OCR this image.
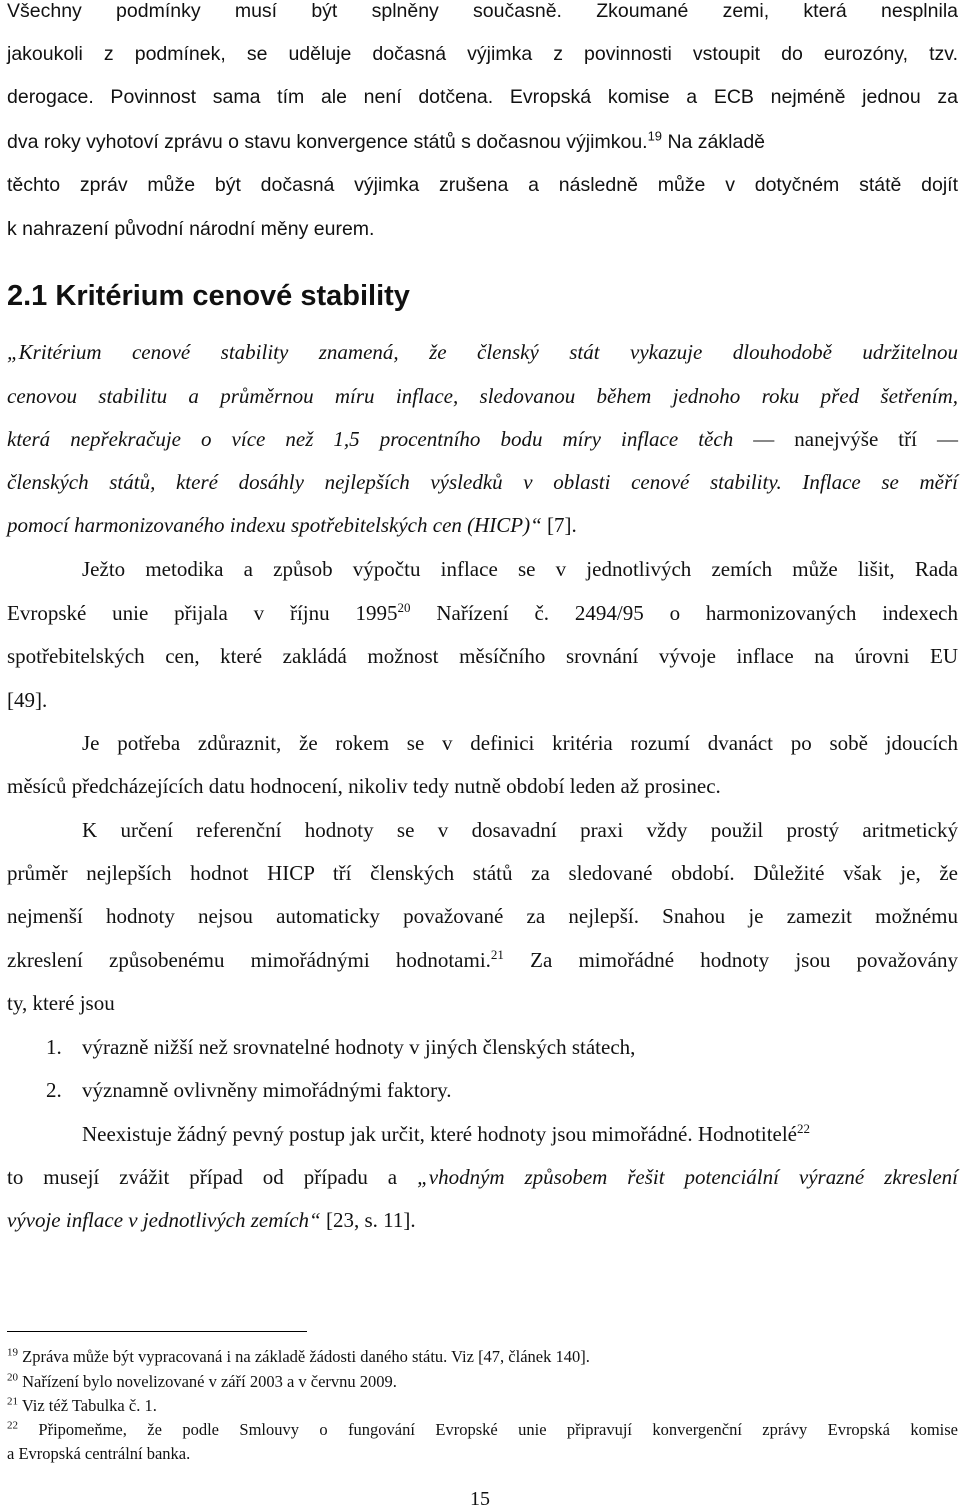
Všechny podmínky musí být splněny současně. Zkoumané zemi, která nesplnila
jakoukoli z podmínek, se uděluje dočasná výjimka z povinnosti vstoupit do eurozóny, tzv.
derogace. Povinnost sama tím ale není dotčena. Evropská komise a ECB nejméně jednou za
dva roky vyhotoví zprávu o stavu konvergence států s dočasnou výjimkou.$^{19}$ Na základě
těchto zpráv může být dočasná výjimka zrušena a následně může v dotyčném státě dojít
k nahrazení původní národní měny eurem.
2.1 Kritérium cenové stability
„Kritérium cenové stability znamená, že členský stát vykazuje dlouhodobě udržitelnou
cenovou stabilitu a průměrnou míru inflace, sledovanou během jednoho roku před šetřením,
která nepřekračuje o více než 1,5 procentního bodu míry inflace těch — nanejvýše tří —
členských států, které dosáhly nejlepších výsledků v oblasti cenové stability. Inflace se měří
pomocí harmonizovaného indexu spotřebitelských cen (HICP)“ [7].
Ježto metodika a způsob výpočtu inflace se v jednotlivých zemích může lišit, Rada
Evropské unie přijala v říjnu 1995$^{20}$ Nařízení č. 2494/95 o harmonizovaných indexech
spotřebitelských cen, které zakládá možnost měsíčního srovnání vývoje inflace na úrovni EU
[49].
Je potřeba zdůraznit, že rokem se v definici kritéria rozumí dvanáct po sobě jdoucích
měsíců předcházejících datu hodnocení, nikoliv tedy nutně období leden až prosinec.
K určení referenční hodnoty se v dosavadní praxi vždy použil prostý aritmetický
průměr nejlepších hodnot HICP tří členských států za sledované období. Důležité však je, že
nejmenší hodnoty nejsou automaticky považované za nejlepší. Snahou je zamezit možnému
zkreslení způsobenému mimořádnými hodnotami.$^{21}$ Za mimořádné hodnoty jsou považovány
ty, které jsou
1. výrazně nižší než srovnatelné hodnoty v jiných členských státech,
2. významně ovlivněny mimořádnými faktory.
Neexistuje žádný pevný postup jak určit, které hodnoty jsou mimořádné. Hodnotitelé$^{22}$
to musejí zvážit případ od případu a „vhodným způsobem řešit potenciální výrazné zkreslení
vývoje inflace v jednotlivých zemích“ [23, s. 11].
$^{19}$ Zpráva může být vypracovaná i na základě žádosti daného státu. Viz [47, článek 140].
$^{20}$ Nařízení bylo novelizované v září 2003 a v červnu 2009.
$^{21}$ Viz též Tabulka č. 1.
$^{22}$ Připomeňme, že podle Smlouvy o fungování Evropské unie připravují konvergenční zprávy Evropská komise
a Evropská centrální banka.
15
